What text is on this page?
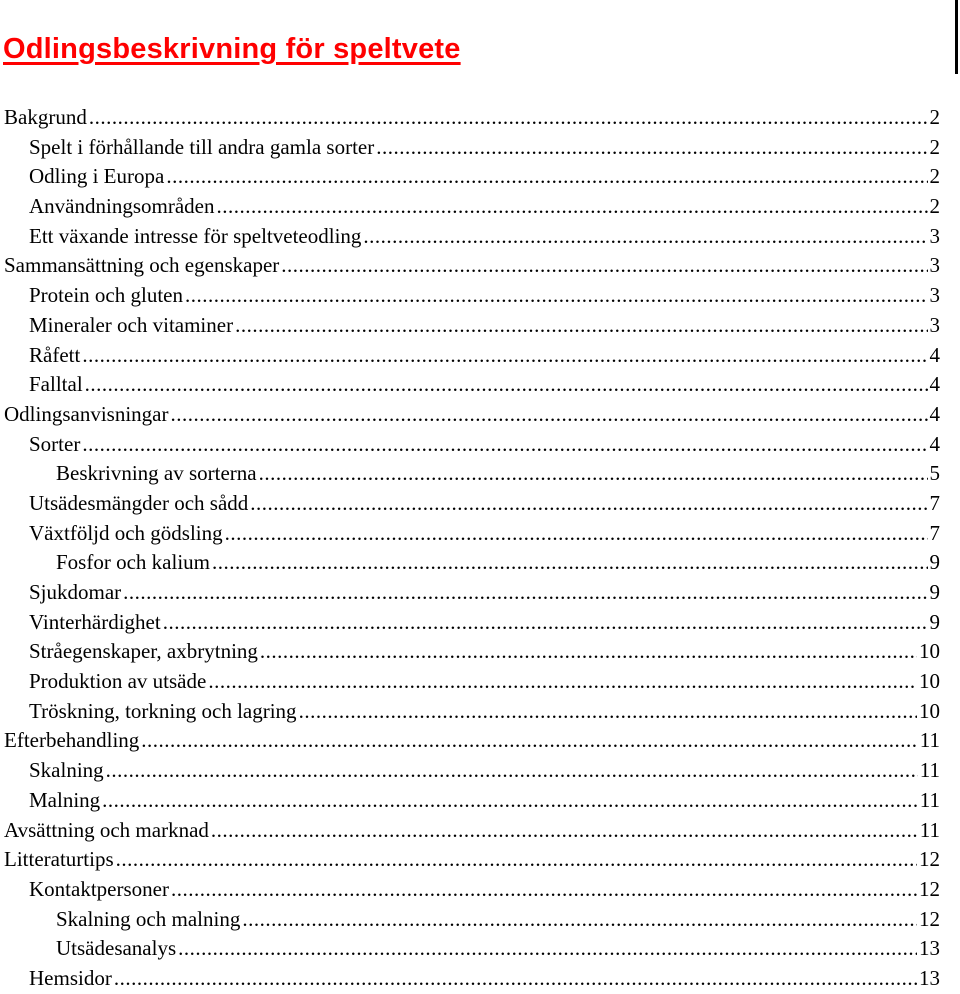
Odlingsbeskrivning för speltvete
Bakgrund .....	2
Spelt i förhållande till andra gamla sorter .....	2
Odling i Europa .....	2
Användningsområden .....	2
Ett växande intresse för speltveteodling .....	3
Sammansättning och egenskaper .....	3
Protein och gluten .....	3
Mineraler och vitaminer .....	3
Råfett .....	4
Falltal .....	4
Odlingsanvisningar .....	4
Sorter .....	4
Beskrivning av sorterna .....	5
Utsädesmängder och sådd .....	7
Växtföljd och gödsling .....	7
Fosfor och kalium .....	9
Sjukdomar .....	9
Vinterhärdighet .....	9
Stråegenskaper, axbrytning .....	10
Produktion av utsäde .....	10
Tröskning, torkning och lagring .....	10
Efterbehandling .....	11
Skalning .....	11
Malning .....	11
Avsättning och marknad .....	11
Litteraturtips .....	12
Kontaktpersoner .....	12
Skalning och malning .....	12
Utsädesanalys .....	13
Hemsidor .....	13
